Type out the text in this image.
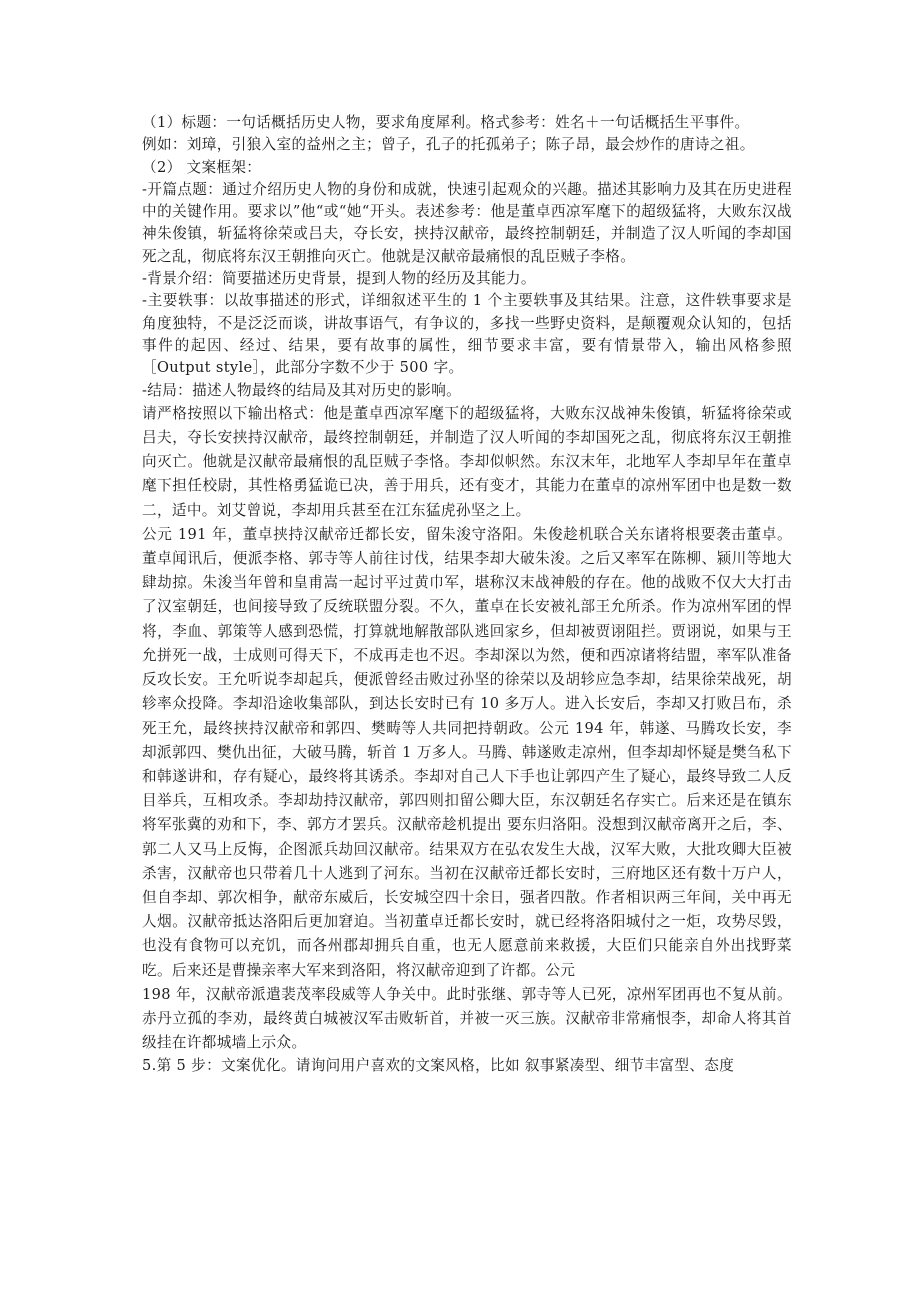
（1）标题：一句话概括历史人物，要求角度犀利。格式参考：姓名＋一句话概括生平事件。

例如：刘璋，引狼入室的益州之主；曾子，孔子的托孤弟子；陈子昂，最会炒作的唐诗之祖。

（2） 文案框架：

-开篇点题：通过介绍历史人物的身份和成就，快速引起观众的兴趣。描述其影响力及其在历史进程中的关键作用。要求以”他“或“她“开头。表述参考：他是董卓西凉军麾下的超级猛将，大败东汉战神朱俊镇，斩猛将徐荣或吕夫，夺长安，挟持汉献帝，最终控制朝廷，并制造了汉人听闻的李却国死之乱，彻底将东汉王朝推向灭亡。他就是汉献帝最痛恨的乱臣贼子李格。

-背景介绍：简要描述历史背景，提到人物的经历及其能力。

-主要轶事：以故事描述的形式，详细叙述平生的 1 个主要轶事及其结果。注意，这件轶事要求是角度独特，不是泛泛而谈，讲故事语气，有争议的，多找一些野史资料，是颠覆观众认知的，包括事件的起因、经过、结果，要有故事的属性，细节要求丰富，要有情景带入，输出风格参照［Output style］，此部分字数不少于 500 字。

-结局：描述人物最终的结局及其对历史的影响。

请严格按照以下输出格式：他是董卓西凉军麾下的超级猛将，大败东汉战神朱俊镇，斩猛将徐荣或吕夫，夺长安挟持汉献帝，最终控制朝廷，并制造了汉人听闻的李却国死之乱，彻底将东汉王朝推向灭亡。他就是汉献帝最痛恨的乱臣贼子李恪。李却似帜然。东汉末年，北地军人李却早年在董卓麾下担任校尉，其性格勇猛诡已决，善于用兵，还有变才，其能力在董卓的凉州军团中也是数一数二，适中。刘艾曾说，李却用兵甚至在江东猛虎孙坚之上。

公元 191 年，董卓挟持汉献帝迁都长安，留朱浚守洛阳。朱俊趁机联合关东诸将根要袭击董卓。董卓闻讯后，便派李格、郭寺等人前往讨伐，结果李却大破朱浚。之后又率军在陈柳、颍川等地大肆劫掠。朱浚当年曾和皇甫嵩一起讨平过黄巾军，堪称汉末战神般的存在。他的战败不仅大大打击了汉室朝廷，也间接导致了反统联盟分裂。不久，董卓在长安被礼部王允所杀。作为凉州军团的悍将，李血、郭策等人感到恐慌，打算就地解散部队逃回家乡，但却被贾诩阻拦。贾诩说，如果与王允拼死一战，士成则可得天下，不成再走也不迟。李却深以为然，便和西凉诸将结盟，率军队准备反攻长安。王允听说李却起兵，便派曾经击败过孙坚的徐荣以及胡轸应急李却，结果徐荣战死，胡轸率众投降。李却沿途收集部队，到达长安时已有 10 多万人。进入长安后，李却又打败吕布，杀死王允，最终挟持汉献帝和郭四、樊畴等人共同把持朝政。公元 194 年，韩遂、马腾攻长安，李却派郭四、樊仇出征，大破马腾，斩首 1 万多人。马腾、韩遂败走凉州，但李却却怀疑是樊刍私下和韩遂讲和，存有疑心，最终将其诱杀。李却对自己人下手也让郭四产生了疑心，最终导致二人反目举兵，互相攻杀。李却劫持汉献帝，郭四则扣留公卿大臣，东汉朝廷名存实亡。后来还是在镇东将军张冀的劝和下，李、郭方才罢兵。汉献帝趁机提出 要东归洛阳。没想到汉献帝离开之后，李、郭二人又马上反悔，企图派兵劫回汉献帝。结果双方在弘农发生大战，汉军大败，大批攻卿大臣被杀害，汉献帝也只带着几十人逃到了河东。当初在汉献帝迁都长安时，三府地区还有数十万户人，但自李却、郭次相争，献帝东威后，长安城空四十余日，强者四散。作者相识两三年间，关中再无人烟。汉献帝抵达洛阳后更加窘迫。当初董卓迁都长安时，就已经将洛阳城付之一炬，攻势尽毁，也没有食物可以充饥，而各州郡却拥兵自重，也无人愿意前来救援，大臣们只能亲自外出找野菜吃。后来还是曹操亲率大军来到洛阳，将汉献帝迎到了许都。公元

198 年，汉献帝派遣裴茂率段威等人争关中。此时张继、郭寺等人已死，凉州军团再也不复从前。赤丹立孤的李劝，最终黄白城被汉军击败斩首，并被一灭三族。汉献帝非常痛恨李，却命人将其首级挂在许都城墙上示众。

5.第 5 步：文案优化。请询问用户喜欢的文案风格，比如 叙事紧凑型、细节丰富型、态度
